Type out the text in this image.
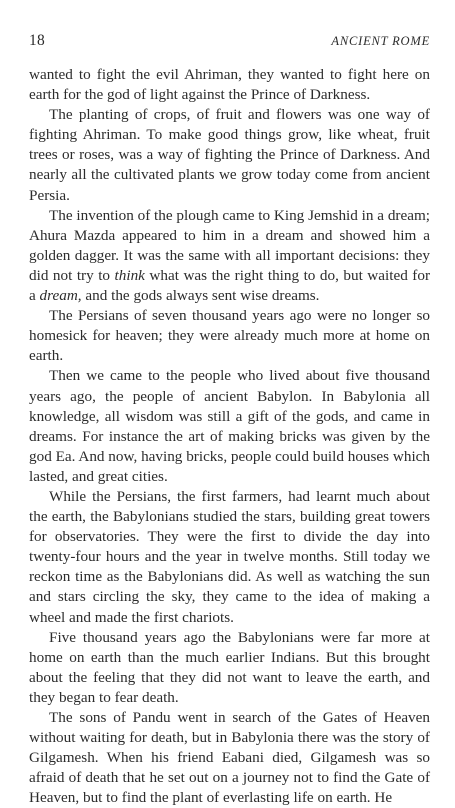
18	ANCIENT ROME

wanted to fight the evil Ahriman, they wanted to fight here on earth for the god of light against the Prince of Darkness.

The planting of crops, of fruit and flowers was one way of fighting Ahriman. To make good things grow, like wheat, fruit trees or roses, was a way of fighting the Prince of Darkness. And nearly all the cultivated plants we grow today come from ancient Persia.

The invention of the plough came to King Jemshid in a dream; Ahura Mazda appeared to him in a dream and showed him a golden dagger. It was the same with all important decisions: they did not try to think what was the right thing to do, but waited for a dream, and the gods always sent wise dreams.

The Persians of seven thousand years ago were no longer so homesick for heaven; they were already much more at home on earth.

Then we came to the people who lived about five thousand years ago, the people of ancient Babylon. In Babylonia all knowledge, all wisdom was still a gift of the gods, and came in dreams. For instance the art of making bricks was given by the god Ea. And now, having bricks, people could build houses which lasted, and great cities.

While the Persians, the first farmers, had learnt much about the earth, the Babylonians studied the stars, building great towers for observatories. They were the first to divide the day into twenty-four hours and the year in twelve months. Still today we reckon time as the Babylonians did. As well as watching the sun and stars circling the sky, they came to the idea of making a wheel and made the first chariots.

Five thousand years ago the Babylonians were far more at home on earth than the much earlier Indians. But this brought about the feeling that they did not want to leave the earth, and they began to fear death.

The sons of Pandu went in search of the Gates of Heaven without waiting for death, but in Babylonia there was the story of Gilgamesh. When his friend Eabani died, Gilgamesh was so afraid of death that he set out on a journey not to find the Gate of Heaven, but to find the plant of everlasting life on earth. He
